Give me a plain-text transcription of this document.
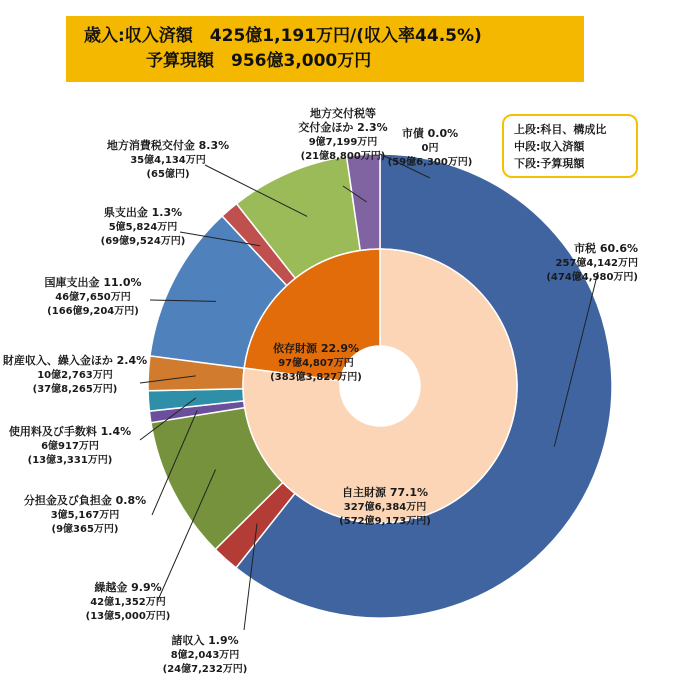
歳入:収入済額　425億1,191万円/(収入率44.5%)
予算現額　956億3,000万円
上段:科目、構成比
中段:収入済額
下段:予算現額
市税 60.6%
257億4,142万円
(474億4,980万円)
諸収入 1.9%
8億2,043万円
(24億7,232万円)
繰越金 9.9%
42億1,352万円
(13億5,000万円)
分担金及び負担金 0.8%
3億5,167万円
(9億365万円)
使用料及び手数料 1.4%
6億917万円
(13億3,331万円)
財産収入、繰入金ほか 2.4%
10億2,763万円
(37億8,265万円)
国庫支出金 11.0%
46億7,650万円
(166億9,204万円)
県支出金 1.3%
5億5,824万円
(69億9,524万円)
地方消費税交付金 8.3%
35億4,134万円
(65億円)
地方交付税等
交付金ほか 2.3%
9億7,199万円
(21億8,800万円)
市債 0.0%
0円
(59億6,300万円)
自主財源 77.1%
327億6,384万円
(572億9,173万円)
依存財源 22.9%
97億4,807万円
(383億3,827万円)
